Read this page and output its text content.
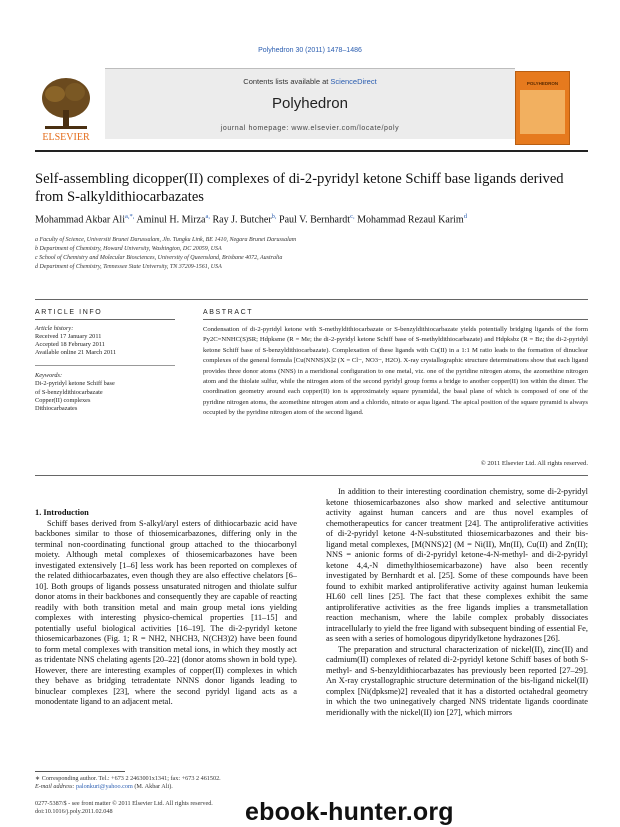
Polyhedron 30 (2011) 1478–1486
ELSEVIER
Contents lists available at ScienceDirect
Polyhedron
journal homepage: www.elsevier.com/locate/poly
POLYHEDRON
Self-assembling dicopper(II) complexes of di-2-pyridyl ketone Schiff base ligands derived from S-alkyldithiocarbazates
Mohammad Akbar Ali$^{a,*,}$ Aminul H. Mirza$^{a,}$ Ray J. Butcher$^{b,}$ Paul V. Bernhardt$^{c,}$ Mohammad Rezaul Karim$^d$
a Faculty of Science, Universiti Brunei Darussalam, Jln. Tungku Link, BE 1410, Negara Brunei Darussalam
b Department of Chemistry, Howard University, Washington, DC 20059, USA
c School of Chemistry and Molecular Biosciences, University of Queensland, Brisbane 4072, Australia
d Department of Chemistry, Tennessee State University, TN 37209-1561, USA
ARTICLE INFO	ABSTRACT
Article history:
Received 17 January 2011
Accepted 18 February 2011
Available online 21 March 2011
Keywords:
Di-2-pyridyl ketone Schiff base
of S-benzyldithiocarbazate
Copper(II) complexes
Dithiocarbazates
Condensation of di-2-pyridyl ketone with S-methyldithiocarbazate or S-benzyldithiocarbazate yields potentially bridging ligands of the form Py2C=NNHC(S)SR; Hdpksme (R = Me; the di-2-pyridyl ketone Schiff base of S-methyldithiocarbazate) and Hdpksbz (R = Bz; the di-2-pyridyl ketone Schiff base of S-benzyldithiocarbazate). Complexation of these ligands with Cu(II) in a 1:1 M ratio leads to the formation of dinuclear complexes of the general formula [Cu(NNNS)X]2 (X = Cl−, NO3−, H2O). X-ray crystallographic structure determinations show that each ligand provides three donor atoms (NNS) in a meridional configuration to one metal, viz. one of the pyridine nitrogen atoms, the azomethine nitrogen atom and the thiolate sulfur, while the nitrogen atom of the second pyridyl group forms a bridge to another copper(II) ion within the dimer. The coordination geometry around each copper(II) ion is approximately square pyramidal, the basal plane of which is composed of one of the pyridine nitrogen atoms, the azomethine nitrogen atom and a chlorido, nitrato or aqua ligand. The apical position of the square pyramid is always occupied by the pyridine nitrogen atom of the second ligand.
© 2011 Elsevier Ltd. All rights reserved.

1. Introduction

Schiff bases derived from S-alkyl/aryl esters of dithiocarbazic acid have backbones similar to those of thiosemicarbazones, differing only in the terminal non-coordinating functional group attached to the thiocarbonyl moiety. Although metal complexes of thiosemicarbazones have been investigated extensively [1–6] less work has been reported on complexes of the related dithiocarbazates, even though they are also effective chelators [6–10]. Both groups of ligands possess unsaturated nitrogen and thiolate sulfur donor atoms in their backbones and consequently they are capable of reacting readily with both transition metal and main group metal ions yielding complexes with interesting physico-chemical properties [11–15] and potentially useful biological activities [16–19]. The di-2-pyridyl ketone thiosemicarbazones (Fig. 1; R = NH2, NHCH3, N(CH3)2) have been found to form metal complexes with transition metal ions, in which they mostly act as tridentate NNS chelating agents [20–22] (donor atoms shown in bold type). However, there are interesting examples of copper(II) complexes in which they behave as bridging tetradentate NNNS donor ligands leading to binuclear complexes [23], where the second pyridyl ligand acts as a monodentate ligand to an adjacent metal.

In addition to their interesting coordination chemistry, some di-2-pyridyl ketone thiosemicarbazones also show marked and selective antitumour activity against human cancers and are thus novel examples of chemotherapeutics for cancer treatment [24]. The antiproliferative activities of di-2-pyridyl ketone 4-N-substituted thiosemicarbazones and their bis-ligand metal complexes, [M(NNS)2] (M = Ni(II), Mn(II), Cu(II) and Zn(II); NNS = anionic forms of di-2-pyridyl ketone-4-N-methyl- and di-2-pyridyl ketone 4,4,-N dimethylthiosemicarbazone) have also been recently investigated by Bernhardt et al. [25]. Some of these compounds have been found to exhibit marked antiproliferative activity against human leukemia HL60 cell lines [25]. The fact that these complexes exhibit the same antiproliferative activities as the free ligands implies a transmetallation reaction mechanism, where the labile complex probably dissociates intracellularly to yield the free ligand with subsequent binding of essential Fe, as seen with a series of homologous dipyridylketone hydrazones [26].

The preparation and structural characterization of nickel(II), zinc(II) and cadmium(II) complexes of related di-2-pyridyl ketone Schiff bases of both S-methyl- and S-benzyldithiocarbazates has previously been reported [27–29]. An X-ray crystallographic structure determination of the bis-ligand nickel(II) complex [Ni(dpksme)2] revealed that it has a distorted octahedral geometry in which the two uninegatively charged NNS tridentate ligands coordinate meridionally with the nickel(II) ion [27], which mirrors

∗ Corresponding author. Tel.: +673 2 2463001x1341; fax: +673 2 461502.
E-mail address: palonkuri@yahoo.com (M. Akbar Ali).
0277-5387/$ - see front matter © 2011 Elsevier Ltd. All rights reserved.
doi:10.1016/j.poly.2011.02.048	ebook-hunter.org
